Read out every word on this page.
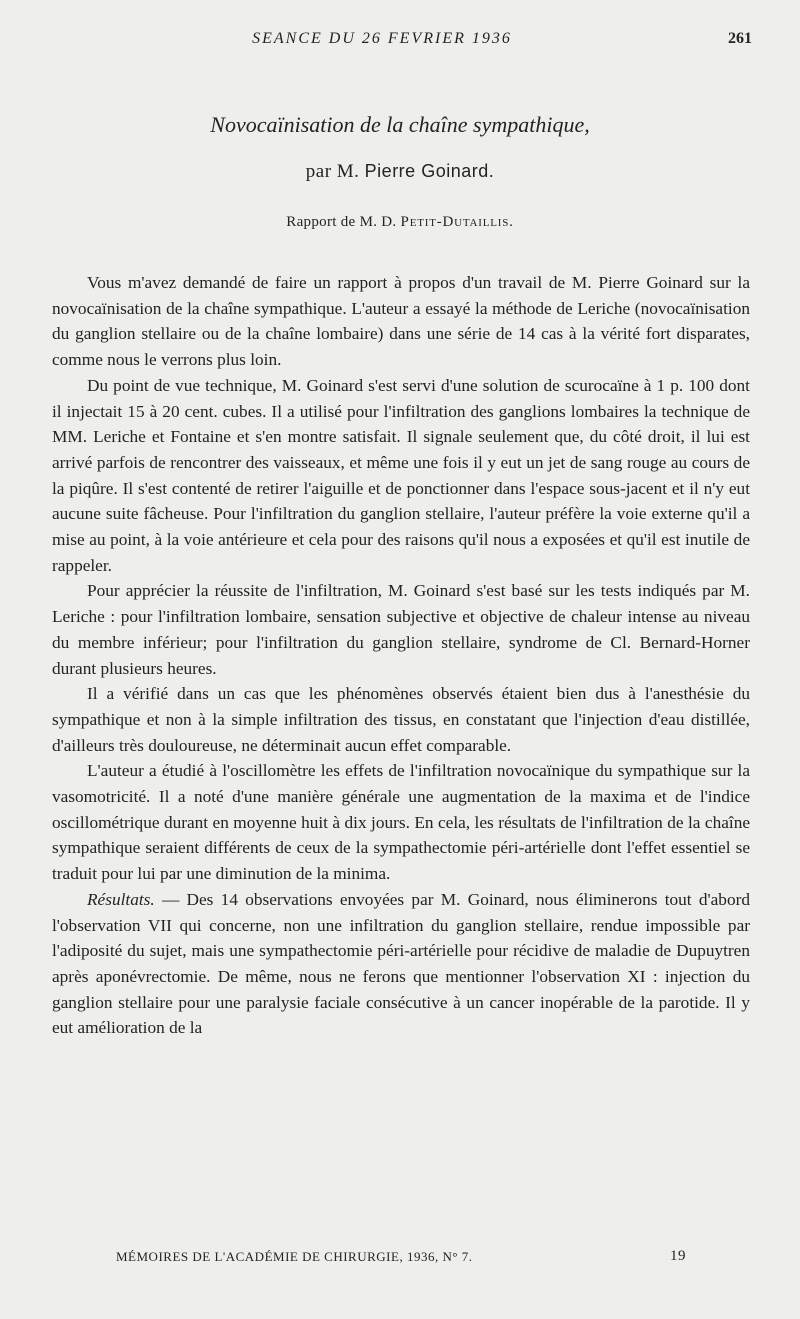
SEANCE DU 26 FEVRIER 1936	261
Novocaïnisation de la chaîne sympathique,
par M. Pierre Goinard.
Rapport de M. D. Petit-Dutaillis.

Vous m'avez demandé de faire un rapport à propos d'un travail de M. Pierre Goinard sur la novocaïnisation de la chaîne sympathique. L'auteur a essayé la méthode de Leriche (novocaïnisation du ganglion stellaire ou de la chaîne lombaire) dans une série de 14 cas à la vérité fort disparates, comme nous le verrons plus loin.

Du point de vue technique, M. Goinard s'est servi d'une solution de scurocaïne à 1 p. 100 dont il injectait 15 à 20 cent. cubes. Il a utilisé pour l'infiltration des ganglions lombaires la technique de MM. Leriche et Fontaine et s'en montre satisfait. Il signale seulement que, du côté droit, il lui est arrivé parfois de rencontrer des vaisseaux, et même une fois il y eut un jet de sang rouge au cours de la piqûre. Il s'est contenté de retirer l'aiguille et de ponctionner dans l'espace sous-jacent et il n'y eut aucune suite fâcheuse. Pour l'infiltration du ganglion stellaire, l'auteur préfère la voie externe qu'il a mise au point, à la voie antérieure et cela pour des raisons qu'il nous a exposées et qu'il est inutile de rappeler.

Pour apprécier la réussite de l'infiltration, M. Goinard s'est basé sur les tests indiqués par M. Leriche : pour l'infiltration lombaire, sensation subjective et objective de chaleur intense au niveau du membre inférieur; pour l'infiltration du ganglion stellaire, syndrome de Cl. Bernard-Horner durant plusieurs heures.

Il a vérifié dans un cas que les phénomènes observés étaient bien dus à l'anesthésie du sympathique et non à la simple infiltration des tissus, en constatant que l'injection d'eau distillée, d'ailleurs très douloureuse, ne déterminait aucun effet comparable.

L'auteur a étudié à l'oscillomètre les effets de l'infiltration novocaïnique du sympathique sur la vasomotricité. Il a noté d'une manière générale une augmentation de la maxima et de l'indice oscillométrique durant en moyenne huit à dix jours. En cela, les résultats de l'infiltration de la chaîne sympathique seraient différents de ceux de la sympathectomie péri-artérielle dont l'effet essentiel se traduit pour lui par une diminution de la minima.

Résultats. — Des 14 observations envoyées par M. Goinard, nous éliminerons tout d'abord l'observation VII qui concerne, non une infiltration du ganglion stellaire, rendue impossible par l'adiposité du sujet, mais une sympathectomie péri-artérielle pour récidive de maladie de Dupuytren après aponévrectomie. De même, nous ne ferons que mentionner l'observation XI : injection du ganglion stellaire pour une paralysie faciale consécutive à un cancer inopérable de la parotide. Il y eut amélioration de la

MÉMOIRES DE L'ACADÉMIE DE CHIRURGIE, 1936, N° 7.	19
